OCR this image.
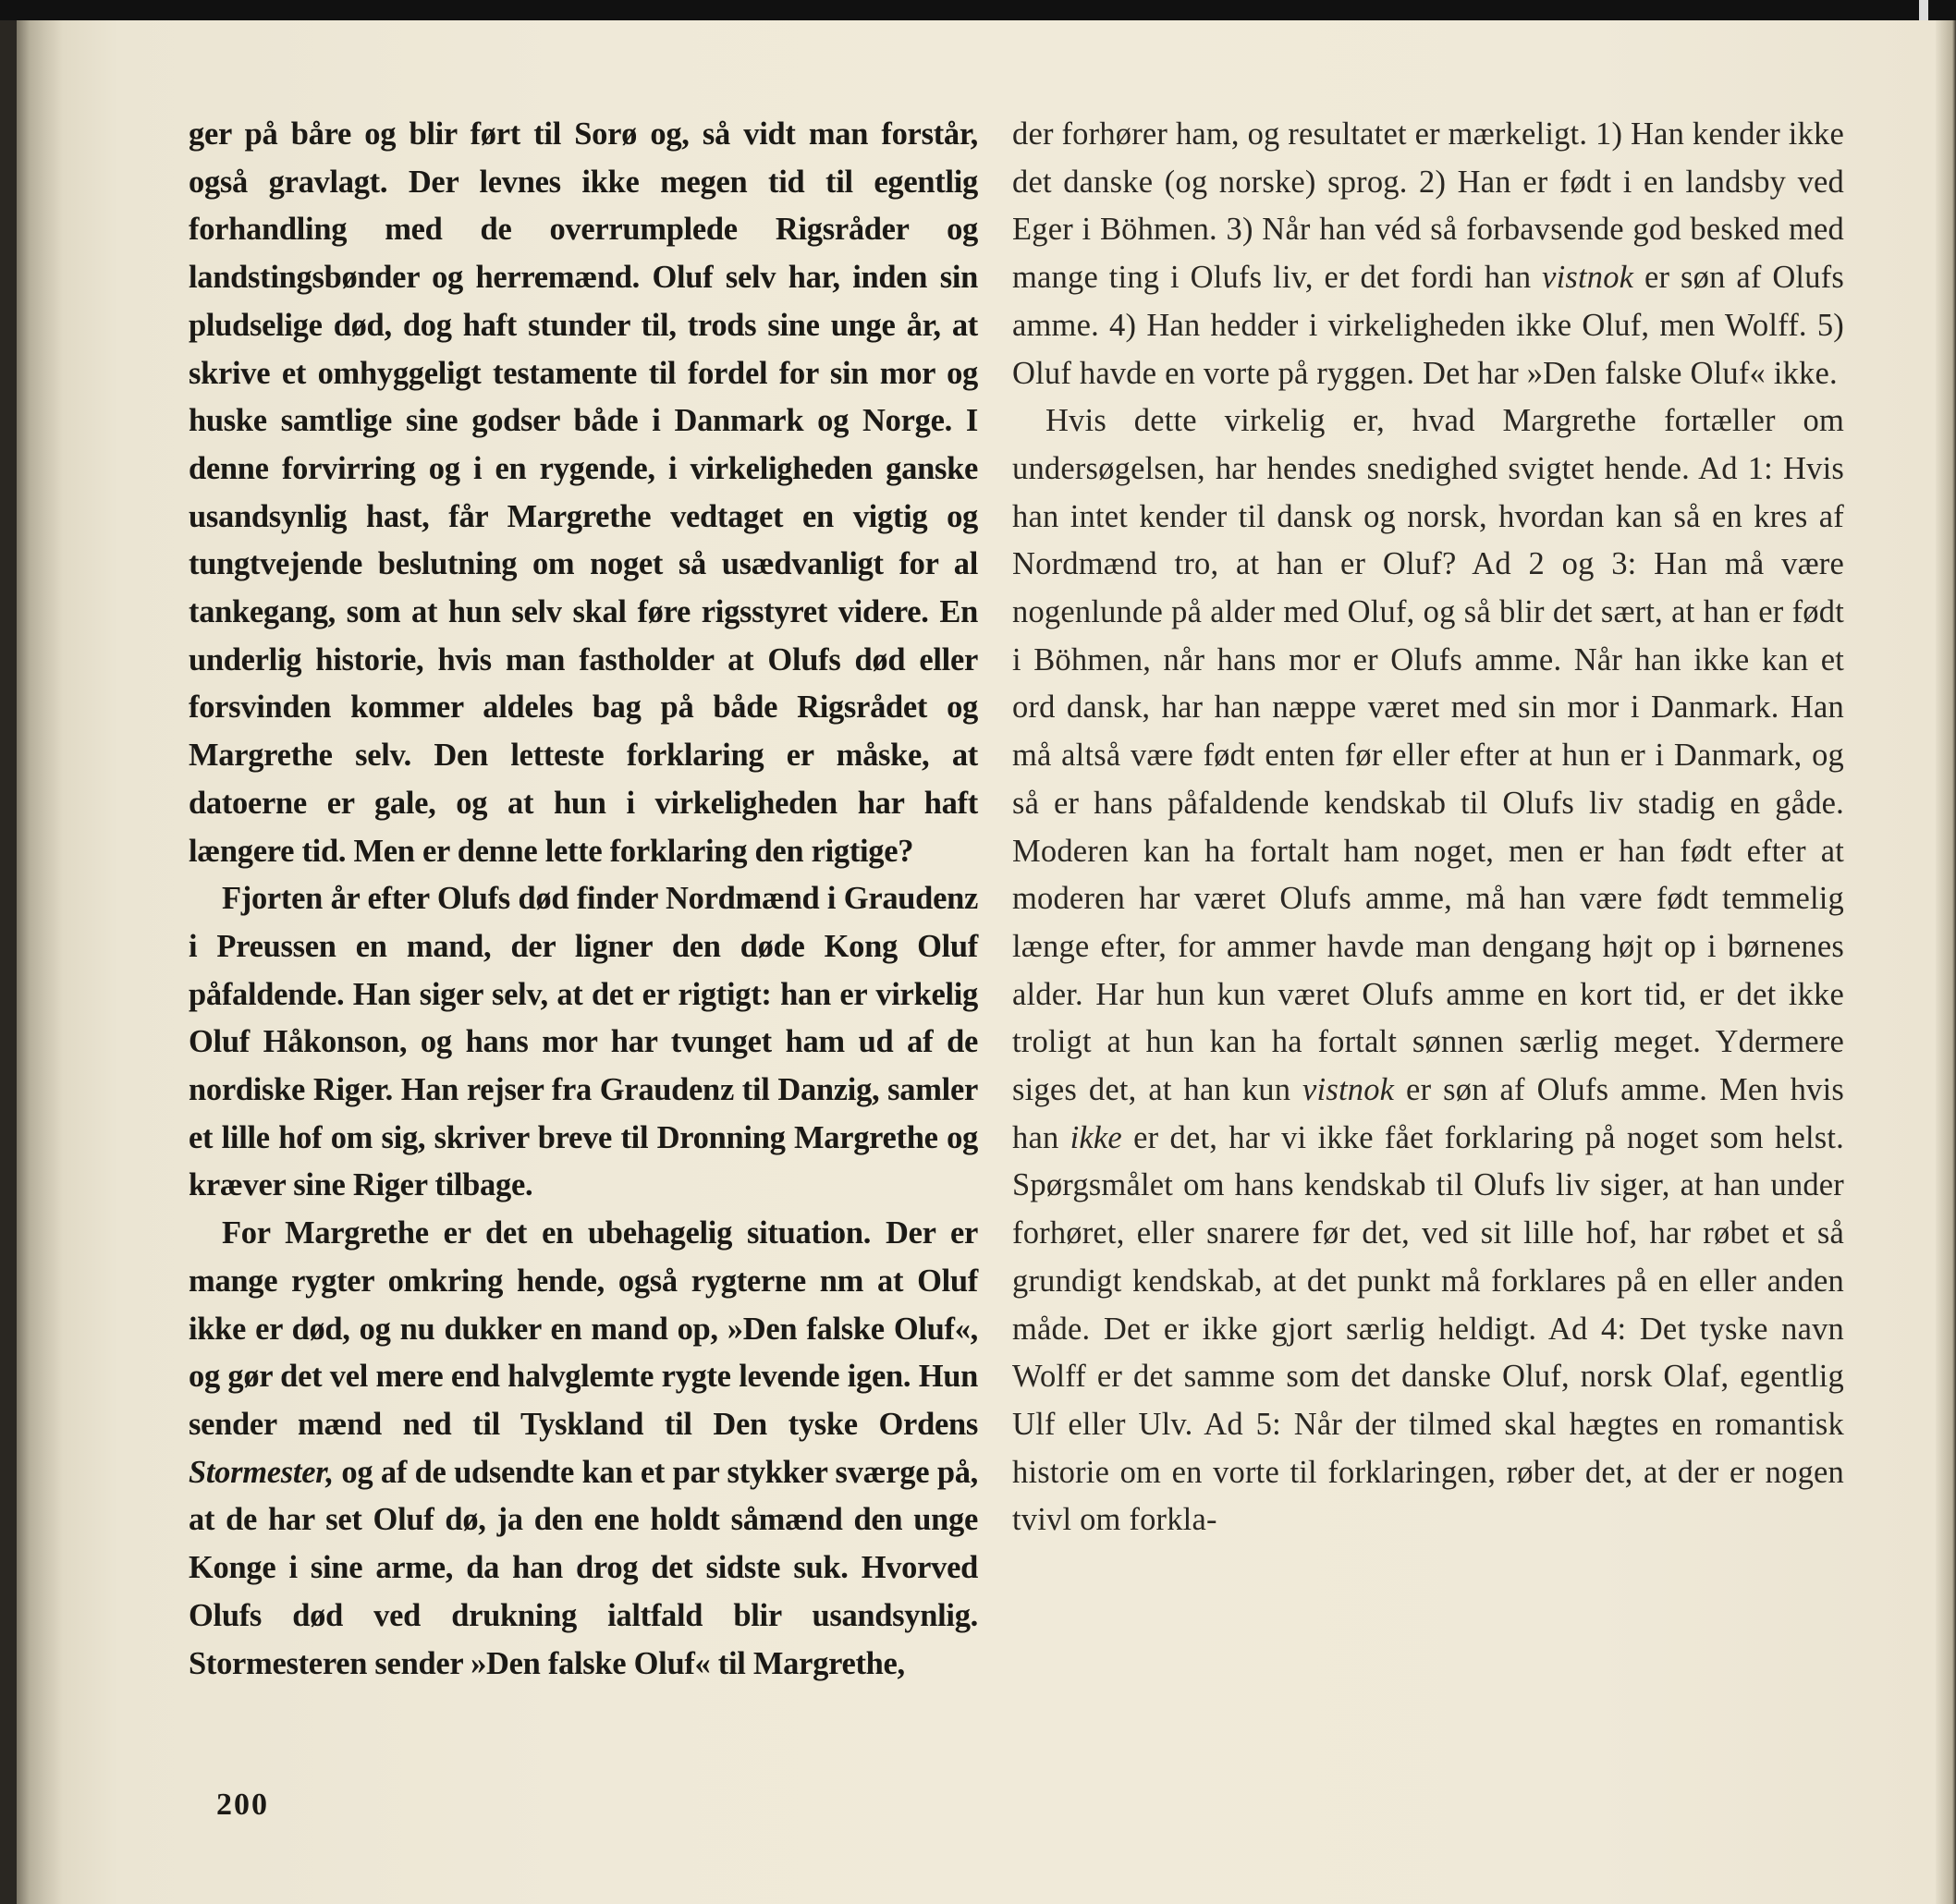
ger på båre og blir ført til Sorø og, så vidt man forstår, også gravlagt. Der levnes ikke megen tid til egentlig forhandling med de overrumplede Rigsråder og landstingsbønder og herremænd. Oluf selv har, inden sin pludselige død, dog haft stunder til, trods sine unge år, at skrive et omhyggeligt testamente til fordel for sin mor og huske samtlige sine godser både i Danmark og Norge. I denne forvirring og i en rygende, i virkeligheden ganske usandsynlig hast, får Margrethe vedtaget en vigtig og tungtvejende beslutning om noget så usædvanligt for al tankegang, som at hun selv skal føre rigsstyret videre. En underlig historie, hvis man fastholder at Olufs død eller forsvinden kommer aldeles bag på både Rigsrådet og Margrethe selv. Den letteste forklaring er måske, at datoerne er gale, og at hun i virkeligheden har haft længere tid. Men er denne lette forklaring den rigtige?

Fjorten år efter Olufs død finder Nordmænd i Graudenz i Preussen en mand, der ligner den døde Kong Oluf påfaldende. Han siger selv, at det er rigtigt: han er virkelig Oluf Håkonson, og hans mor har tvunget ham ud af de nordiske Riger. Han rejser fra Graudenz til Danzig, samler et lille hof om sig, skriver breve til Dronning Margrethe og kræver sine Riger tilbage.

For Margrethe er det en ubehagelig situation. Der er mange rygter omkring hende, også rygterne nm at Oluf ikke er død, og nu dukker en mand op, »Den falske Oluf«, og gør det vel mere end halvglemte rygte levende igen. Hun sender mænd ned til Tyskland til Den tyske Ordens Stormester, og af de udsendte kan et par stykker sværge på, at de har set Oluf dø, ja den ene holdt såmænd den unge Konge i sine arme, da han drog det sidste suk. Hvorved Olufs død ved drukning ialtfald blir usandsynlig. Stormesteren sender »Den falske Oluf« til Margrethe,

der forhører ham, og resultatet er mærkeligt. 1) Han kender ikke det danske (og norske) sprog. 2) Han er født i en landsby ved Eger i Böhmen. 3) Når han véd så forbavsende god besked med mange ting i Olufs liv, er det fordi han vistnok er søn af Olufs amme. 4) Han hedder i virkeligheden ikke Oluf, men Wolff. 5) Oluf havde en vorte på ryggen. Det har »Den falske Oluf« ikke.

Hvis dette virkelig er, hvad Margrethe fortæller om undersøgelsen, har hendes snedighed svigtet hende. Ad 1: Hvis han intet kender til dansk og norsk, hvordan kan så en kres af Nordmænd tro, at han er Oluf? Ad 2 og 3: Han må være nogenlunde på alder med Oluf, og så blir det sært, at han er født i Böhmen, når hans mor er Olufs amme. Når han ikke kan et ord dansk, har han næppe været med sin mor i Danmark. Han må altså være født enten før eller efter at hun er i Danmark, og så er hans påfaldende kendskab til Olufs liv stadig en gåde. Moderen kan ha fortalt ham noget, men er han født efter at moderen har været Olufs amme, må han være født temmelig længe efter, for ammer havde man dengang højt op i børnenes alder. Har hun kun været Olufs amme en kort tid, er det ikke troligt at hun kan ha fortalt sønnen særlig meget. Ydermere siges det, at han kun vistnok er søn af Olufs amme. Men hvis han ikke er det, har vi ikke fået forklaring på noget som helst. Spørgsmålet om hans kendskab til Olufs liv siger, at han under forhøret, eller snarere før det, ved sit lille hof, har røbet et så grundigt kendskab, at det punkt må forklares på en eller anden måde. Det er ikke gjort særlig heldigt. Ad 4: Det tyske navn Wolff er det samme som det danske Oluf, norsk Olaf, egentlig Ulf eller Ulv. Ad 5: Når der tilmed skal hægtes en romantisk historie om en vorte til forklaringen, røber det, at der er nogen tvivl om forkla-

200
